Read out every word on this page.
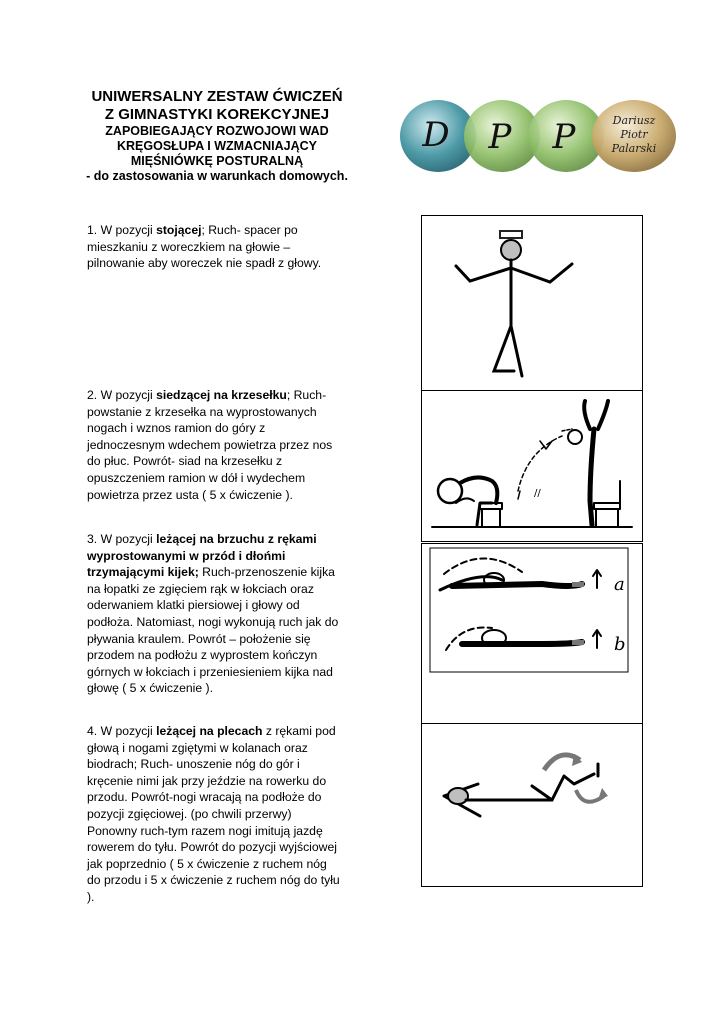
UNIWERSALNY ZESTAW ĆWICZEŃ
Z GIMNASTYKI KOREKCYJNEJ
ZAPOBIEGAJĄCY ROZWOJOWI WAD
KRĘGOSŁUPA I WZMACNIAJĄCY
MIĘŚNIÓWKĘ POSTURALNĄ
- do zastosowania w warunkach domowych.
D P P	Dariusz
Piotr
Palarski
1. W pozycji stojącej; Ruch- spacer po mieszkaniu z woreczkiem na głowie – pilnowanie aby woreczek nie spadł z głowy.
2. W pozycji siedzącej na krzesełku; Ruch- powstanie z krzesełka na wyprostowanych nogach i wznos ramion do góry z jednoczesnym wdechem powietrza przez nos do płuc. Powrót- siad na krzesełku z opuszczeniem ramion w dół i wydechem powietrza przez usta ( 5 x ćwiczenie ).
3. W pozycji leżącej na brzuchu z rękami wyprostowanymi w przód i dłońmi trzymającymi kijek; Ruch-przenoszenie kijka na łopatki ze zgięciem rąk w łokciach oraz oderwaniem klatki piersiowej i głowy od podłoża. Natomiast, nogi wykonują ruch jak do pływania kraulem. Powrót – położenie się przodem na podłożu z wyprostem kończyn górnych w łokciach i przeniesieniem kijka nad głowę ( 5 x ćwiczenie ).
4. W pozycji leżącej na plecach z rękami pod głową i nogami zgiętymi w kolanach oraz biodrach; Ruch- unoszenie nóg do gór i kręcenie nimi jak przy jeździe na rowerku do przodu. Powrót-nogi wracają na podłoże do pozycji zgięciowej. (po chwili przerwy) Ponowny ruch-tym razem nogi imitują jazdę rowerem do tyłu. Powrót do pozycji wyjściowej jak poprzednio ( 5 x ćwiczenie z ruchem nóg do przodu i 5 x ćwiczenie z ruchem nóg do tyłu ).
//
a
b
